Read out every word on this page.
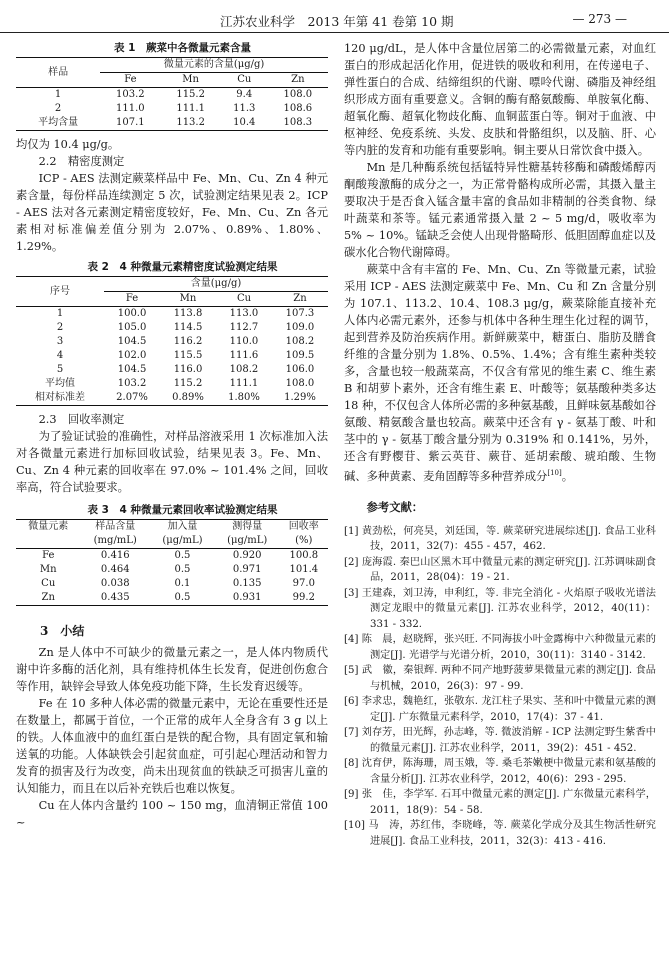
江苏农业科学　2013 年第 41 卷第 10 期	— 273 —

表 1　蕨菜中各微量元素含量

样品	微量元素的含量(μg/g)			
	Fe	Mn	Cu	Zn
1	103.2	115.2	9.4	108.0
2	111.0	111.1	11.3	108.6
平均含量	107.1	113.2	10.4	108.3

均仅为 10.4 μg/g。

2.2　精密度测定

ICP - AES 法测定蕨菜样品中 Fe、Mn、Cu、Zn 4 种元素含量，每份样品连续测定 5 次，试验测定结果见表 2。ICP - AES 法对各元素测定精密度较好，Fe、Mn、Cu、Zn 各元素相对标准偏差值分别为 2.07%、0.89%、1.80%、1.29%。

表 2　4 种微量元素精密度试验测定结果

序号	含量(μg/g)			
	Fe	Mn	Cu	Zn
1	100.0	113.8	113.0	107.3
2	105.0	114.5	112.7	109.0
3	104.5	116.2	110.0	108.2
4	102.0	115.5	111.6	109.5
5	104.5	116.0	108.2	106.0
平均值	103.2	115.2	111.1	108.0
相对标准差	2.07%	0.89%	1.80%	1.29%

2.3　回收率测定

为了验证试验的准确性，对样品溶液采用 1 次标准加入法对各微量元素进行加标回收试验，结果见表 3。Fe、Mn、Cu、Zn 4 种元素的回收率在 97.0% ~ 101.4% 之间，回收率高，符合试验要求。

表 3　4 种微量元素回收率试验测定结果

微量元素	样品含量	加入量	测得量	回收率
	(mg/mL)	(μg/mL)	(μg/mL)	(%)
Fe	0.416	0.5	0.920	100.8
Mn	0.464	0.5	0.971	101.4
Cu	0.038	0.1	0.135	97.0
Zn	0.435	0.5	0.931	99.2

3　小结

Zn 是人体中不可缺少的微量元素之一，是人体内物质代谢中许多酶的活化剂，具有维持机体生长发育，促进创伤愈合等作用，缺锌会导致人体免疫功能下降，生长发育迟缓等。

Fe 在 10 多种人体必需的微量元素中，无论在重要性还是在数量上，都属于首位，一个正常的成年人全身含有 3 g 以上的铁。人体血液中的血红蛋白是铁的配合物，具有固定氧和输送氧的功能。人体缺铁会引起贫血症，可引起心理活动和智力发育的损害及行为改变，尚未出现贫血的铁缺乏可损害儿童的认知能力，而且在以后补充铁后也难以恢复。

Cu 在人体内含量约 100 ~ 150 mg，血清铜正常值 100 ~

120 μg/dL，是人体中含量位居第二的必需微量元素，对血红蛋白的形成起活化作用，促进铁的吸收和利用，在传递电子、弹性蛋白的合成、结缔组织的代谢、嘌呤代谢、磷脂及神经组织形成方面有重要意义。含铜的酶有酪氨酸酶、单胺氧化酶、超氧化酶、超氧化物歧化酶、血铜蓝蛋白等。铜对于血液、中枢神经、免疫系统、头发、皮肤和骨骼组织，以及脑、肝、心等内脏的发育和功能有重要影响。铜主要从日常饮食中摄入。

Mn 是几种酶系统包括锰特异性糖基转移酶和磷酸烯醇丙酮酸羧激酶的成分之一，为正常骨骼构成所必需，其摄入量主要取决于是否食入锰含量丰富的食品如非精制的谷类食物、绿叶蔬菜和茶等。锰元素通常摄入量 2 ~ 5 mg/d，吸收率为 5% ~ 10%。锰缺乏会使人出现骨骼畸形、低胆固醇血症以及碳水化合物代谢障碍。

蕨菜中含有丰富的 Fe、Mn、Cu、Zn 等微量元素，试验采用 ICP - AES 法测定蕨菜中 Fe、Mn、Cu 和 Zn 含量分别为 107.1、113.2、10.4、108.3 μg/g，蕨菜除能直接补充人体内必需元素外，还参与机体中各种生理生化过程的调节，起到营养及防治疾病作用。新鲜蕨菜中，糖蛋白、脂肪及膳食纤维的含量分别为 1.8%、0.5%、1.4%；含有维生素种类较多，含量也较一般蔬菜高，不仅含有常见的维生素 C、维生素 B 和胡萝卜素外，还含有维生素 E、叶酸等；氨基酸种类多达 18 种，不仅包含人体所必需的多种氨基酸，且鲜味氨基酸如谷氨酸、精氨酸含量也较高。蕨菜中还含有 γ - 氨基丁酸、叶和茎中的 γ - 氨基丁酸含量分别为 0.319% 和 0.141%，另外，还含有野樱苷、紫云英苷、蕨苷、延胡索酸、琥珀酸、生物碱、多种黄素、麦角固醇等多种营养成分[10]。

参考文献：

[1] 黄劲松，何亮昊，刘廷国，等. 蕨菜研究进展综述[J]. 食品工业科技，2011，32(7)：455 - 457，462.

[2] 庞海霞. 秦巴山区黑木耳中微量元素的测定研究[J]. 江苏调味副食品，2011，28(04)：19 - 21.

[3] 王建森，刘卫涛，申利红，等. 非完全消化 - 火焰原子吸收光谱法测定龙眼中的微量元素[J]. 江苏农业科学，2012，40(11)：331 - 332.

[4] 陈　晨，赵晓辉，张兴旺. 不同海拔小叶金露梅中六种微量元素的测定[J]. 光谱学与光谱分析，2010，30(11)：3140 - 3142.

[5] 武　徽，秦银辉. 两种不同产地野菠萝果微量元素的测定[J]. 食品与机械，2010，26(3)：97 - 99.

[6] 李求忠，魏艳红，张敬东. 龙江柱子果实、茎和叶中微量元素的测定[J]. 广东微量元素科学，2010，17(4)：37 - 41.

[7] 刘存芳，田光辉，孙志峰，等. 微波消解 - ICP 法测定野生紫香中的微量元素[J]. 江苏农业科学，2011，39(2)：451 - 452.

[8] 沈育伊，陈海珊，周玉娥，等. 桑毛茶嫩梗中微量元素和氨基酸的含量分析[J]. 江苏农业科学，2012，40(6)：293 - 295.

[9] 张　佳，李学军. 石耳中微量元素的测定[J]. 广东微量元素科学，2011，18(9)：54 - 58.

[10] 马　涛，苏红伟，李晓峰，等. 蕨菜化学成分及其生物活性研究进展[J]. 食品工业科技，2011，32(3)：413 - 416.
